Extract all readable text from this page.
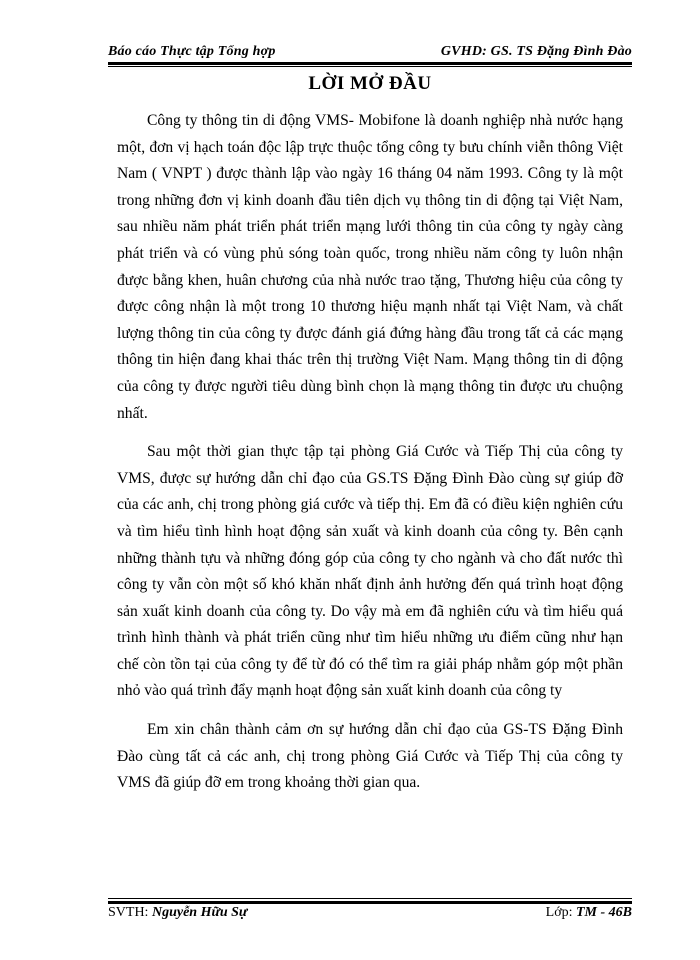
Báo cáo Thực tập Tổng hợp	GVHD: GS. TS Đặng Đình Đào
LỜI MỞ ĐẦU

Công ty thông tin di động VMS- Mobifone là doanh nghiệp nhà nước hạng một, đơn vị hạch toán độc lập trực thuộc tổng công ty bưu chính viễn thông Việt Nam ( VNPT ) được thành lập vào ngày 16 tháng 04 năm 1993. Công ty là một trong những đơn vị kinh doanh đầu tiên dịch vụ thông tin di động tại Việt Nam, sau nhiều năm phát triển phát triển mạng lưới thông tin của công ty ngày càng phát triển và có vùng phủ sóng toàn quốc, trong nhiều năm công ty luôn nhận được bằng khen, huân chương của nhà nước trao tặng, Thương hiệu của công ty được công nhận là một trong 10 thương hiệu mạnh nhất tại Việt Nam, và chất lượng thông tin của công ty được đánh giá đứng hàng đầu trong tất cả các mạng thông tin hiện đang khai thác trên thị trường Việt Nam. Mạng thông tin di động của công ty được người tiêu dùng bình chọn là mạng thông tin được ưu chuộng nhất.

Sau một thời gian thực tập tại phòng Giá Cước và Tiếp Thị của công ty VMS, được sự hướng dẫn chỉ đạo của GS.TS Đặng Đình Đào cùng sự giúp đỡ của các anh, chị trong phòng giá cước và tiếp thị. Em đã có điều kiện nghiên cứu và tìm hiểu tình hình hoạt động sản xuất và kinh doanh của công ty. Bên cạnh những thành tựu và những đóng góp của công ty cho ngành và cho đất nước thì công ty vẫn còn một số khó khăn nhất định ảnh hưởng đến quá trình hoạt động sản xuất kinh doanh của công ty. Do vậy mà em đã nghiên cứu và tìm hiểu quá trình hình thành và phát triển cũng như tìm hiểu những ưu điểm cũng như hạn chế còn tồn tại của công ty để từ đó có thể tìm ra giải pháp nhằm góp một phần nhỏ vào quá trình đẩy mạnh hoạt động sản xuất kinh doanh của công ty

Em xin chân thành cảm ơn sự hướng dẫn chỉ đạo của GS-TS Đặng Đình Đào cùng tất cả các anh, chị trong phòng Giá Cước và Tiếp Thị của công ty VMS đã giúp đỡ em trong khoảng thời gian qua.

SVTH: Nguyễn Hữu Sự	Lớp: TM - 46B
